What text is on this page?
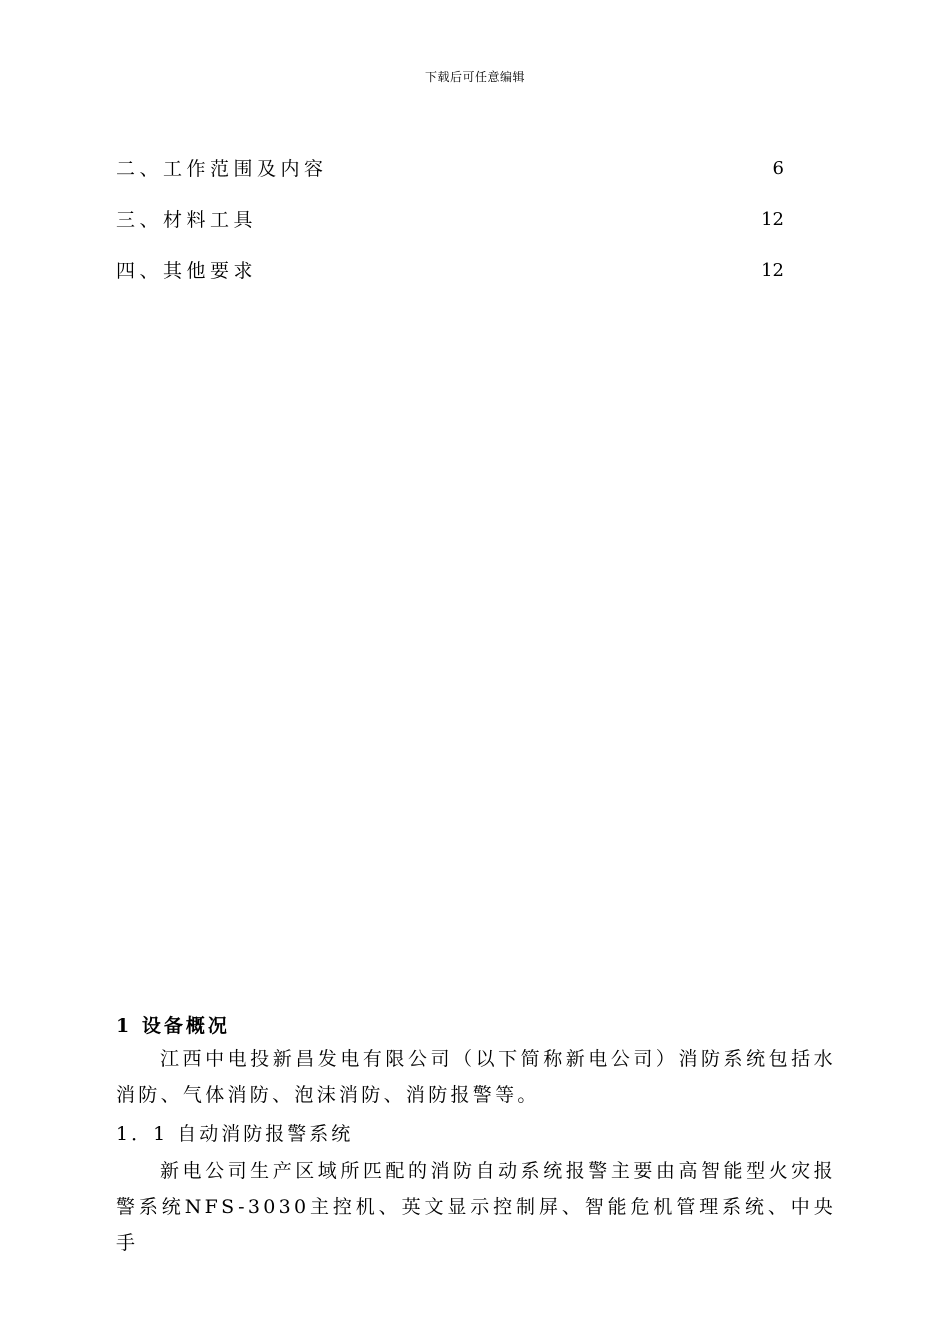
下载后可任意编辑
二、工作范围及内容	6
三、材料工具	12
四、其他要求	12
1 设备概况
江西中电投新昌发电有限公司（以下简称新电公司）消防系统包括水消防、气体消防、泡沫消防、消防报警等。
1．1 自动消防报警系统
新电公司生产区域所匹配的消防自动系统报警主要由高智能型火灾报警系统NFS-3030主控机、英文显示控制屏、智能危机管理系统、中央手
